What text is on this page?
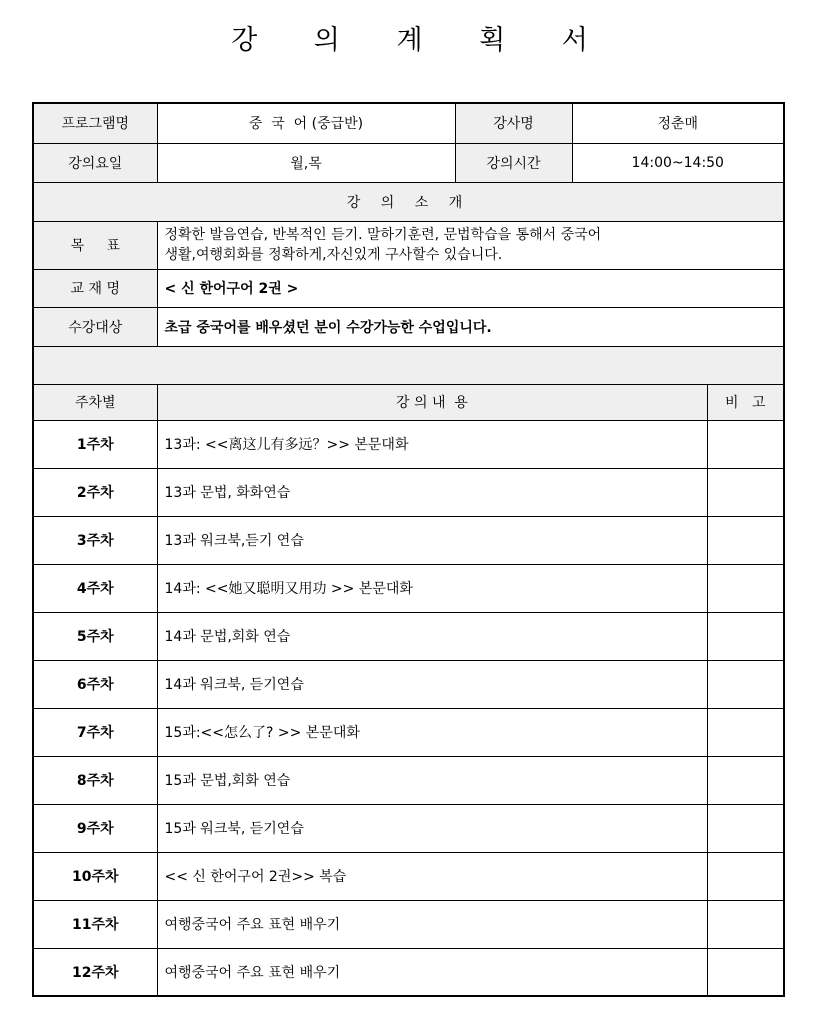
강 의 계 획 서
프로그램명	중  국  어 (중급반)	강사명	정춘매	
강의요일	월,목	강의시간	14:00~14:50	
강 의 소 개				
목     표	정확한 발음연습, 반복적인 듣기. 말하기훈련, 문법학습을 통해서 중국어
생활,여행회화를 정확하게,자신있게 구사할수 있습니다.			

교 재 명	< 신 한어구어 2권 >			
수강대상	초급 중국어를 배우셨던 분이 수강가능한 수업입니다.			

주차별	강 의 내  용			비   고
1주차	13과: <<离这儿有多远？>> 본문대화			
2주차	13과 문법, 화화연습			
3주차	13과 워크북,듣기 연습			
4주차	14과: <<她又聪明又用功 >> 본문대화			
5주차	14과 문법,회화 연습			
6주차	14과 워크북, 듣기연습			
7주차	15과:<<怎么了? >> 본문대화			
8주차	15과 문법,회화 연습			
9주차	15과 워크북, 듣기연습			
10주차	<< 신 한어구어 2권>> 복습			
11주차	여행중국어 주요 표현 배우기			
12주차	여행중국어 주요 표현 배우기			
